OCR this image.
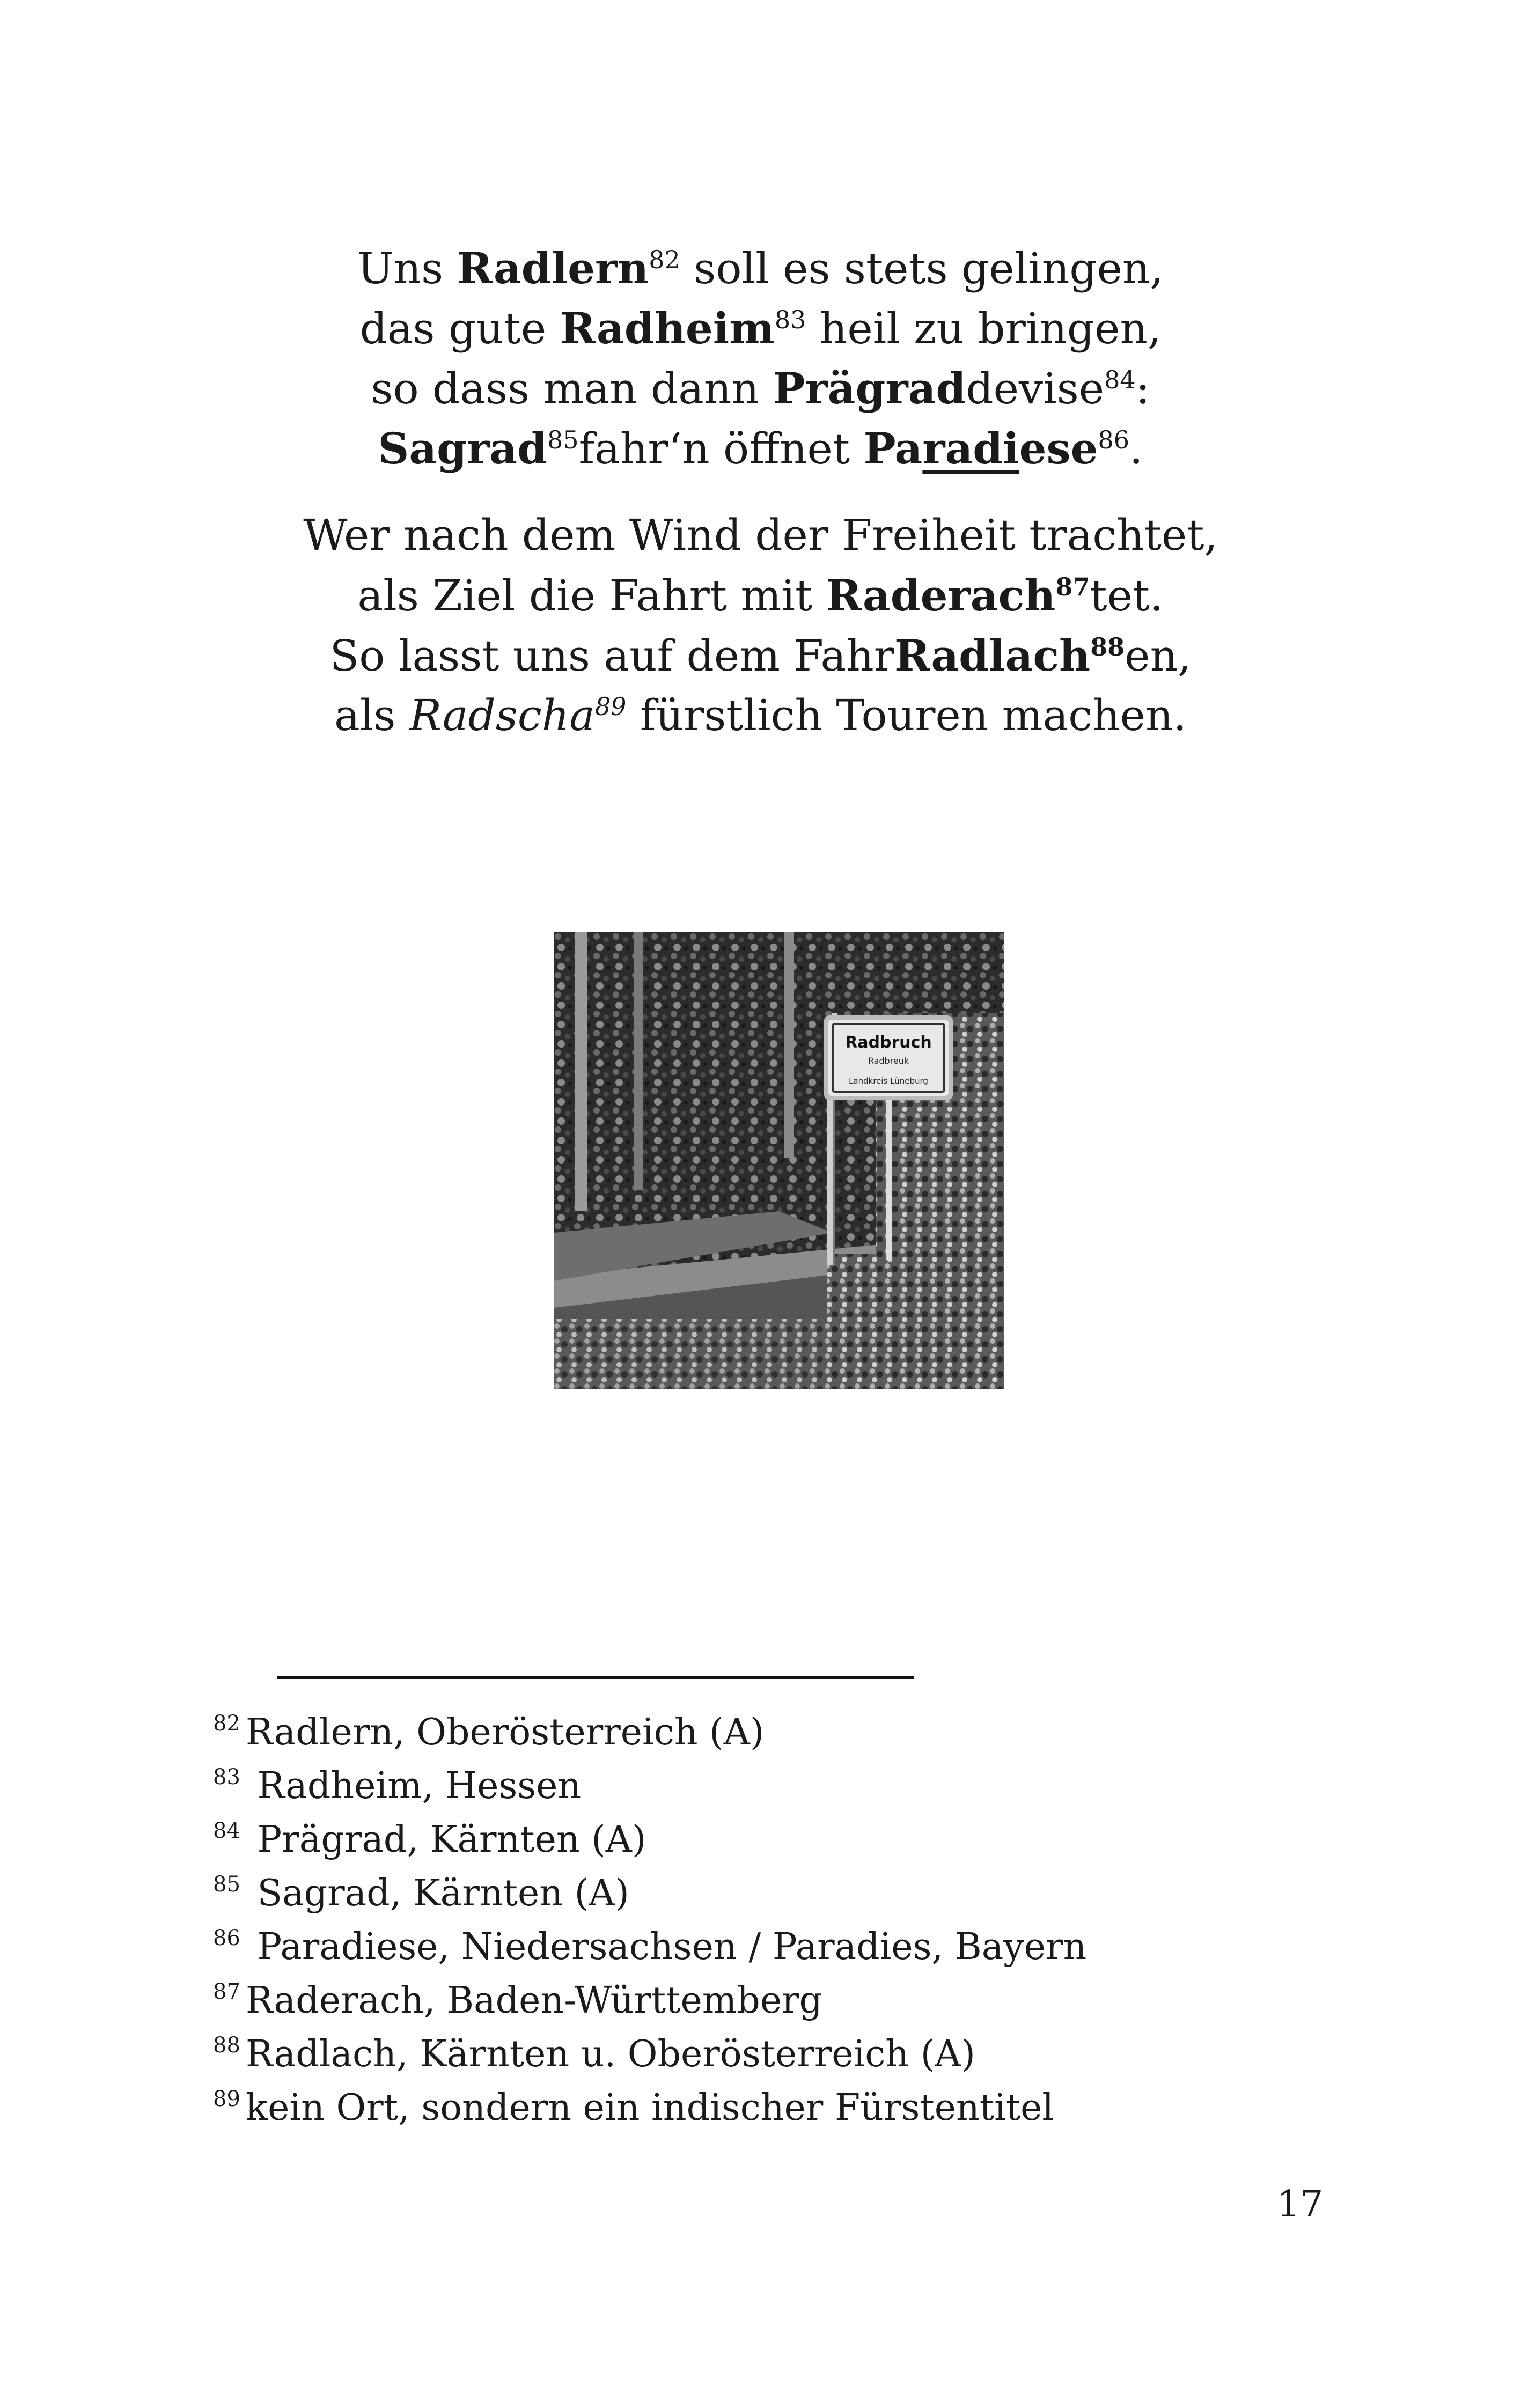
Uns Radlern$^{82}$ soll es stets gelingen,
das gute Radheim$^{83}$ heil zu bringen,
so dass man dann Prägraddevise$^{84}$:
Sagrad$^{85}$fahr‘n öffnet Paradiese$^{86}$.
Wer nach dem Wind der Freiheit trachtet,
als Ziel die Fahrt mit Raderach$^{87}$tet.
So lasst uns auf dem FahrRadlach$^{88}$en,
als Radscha$^{89}$ fürstlich Touren machen.
Radbruch
Radbreuk
Landkreis Lüneburg
$^{82}$ Radlern, Oberösterreich (A)
$^{83}$ Radheim, Hessen
$^{84}$ Prägrad, Kärnten (A)
$^{85}$ Sagrad, Kärnten (A)
$^{86}$ Paradiese, Niedersachsen / Paradies, Bayern
$^{87}$ Raderach, Baden-Württemberg
$^{88}$ Radlach, Kärnten u. Oberösterreich (A)
$^{89}$ kein Ort, sondern ein indischer Fürstentitel
17
